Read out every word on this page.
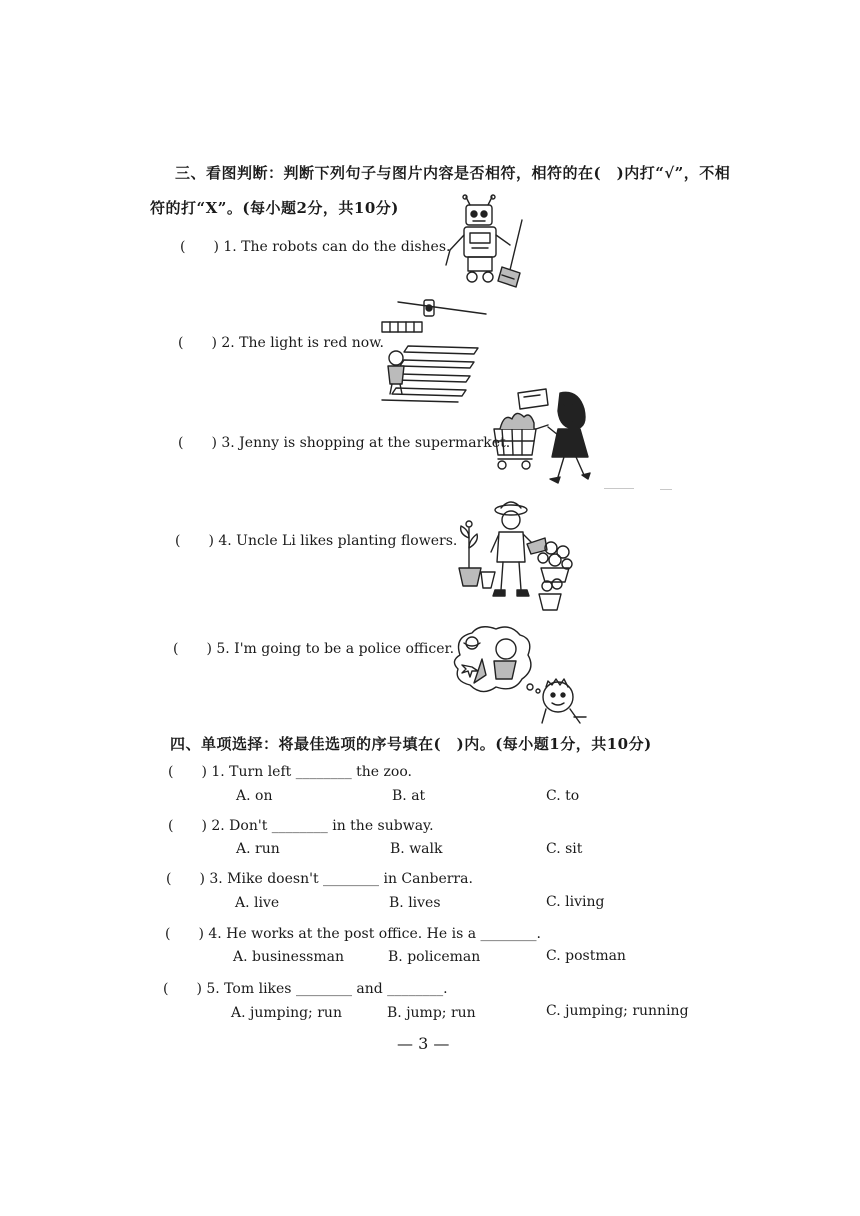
三、看图判断：判断下列句子与图片内容是否相符，相符的在(　)内打“√”，不相
符的打“X”。(每小题2分，共10分)
(　　) 1. The robots can do the dishes.
(　　) 2. The light is red now.
(　　) 3. Jenny is shopping at the supermarket.
(　　) 4. Uncle Li likes planting flowers.
(　　) 5. I'm going to be a police officer.
四、单项选择：将最佳选项的序号填在(　)内。(每小题1分，共10分)
(　　) 1. Turn left ________ the zoo.
A. on	B. at	C. to
(　　) 2. Don't ________ in the subway.
A. run	B. walk	C. sit
(　　) 3. Mike doesn't ________ in Canberra.
A. live	B. lives	C. living
(　　) 4. He works at the post office. He is a ________.
A. businessman	B. policeman	C. postman
(　　) 5. Tom likes ________ and ________.
A. jumping; run	B. jump; run	C. jumping; running
— 3 —
